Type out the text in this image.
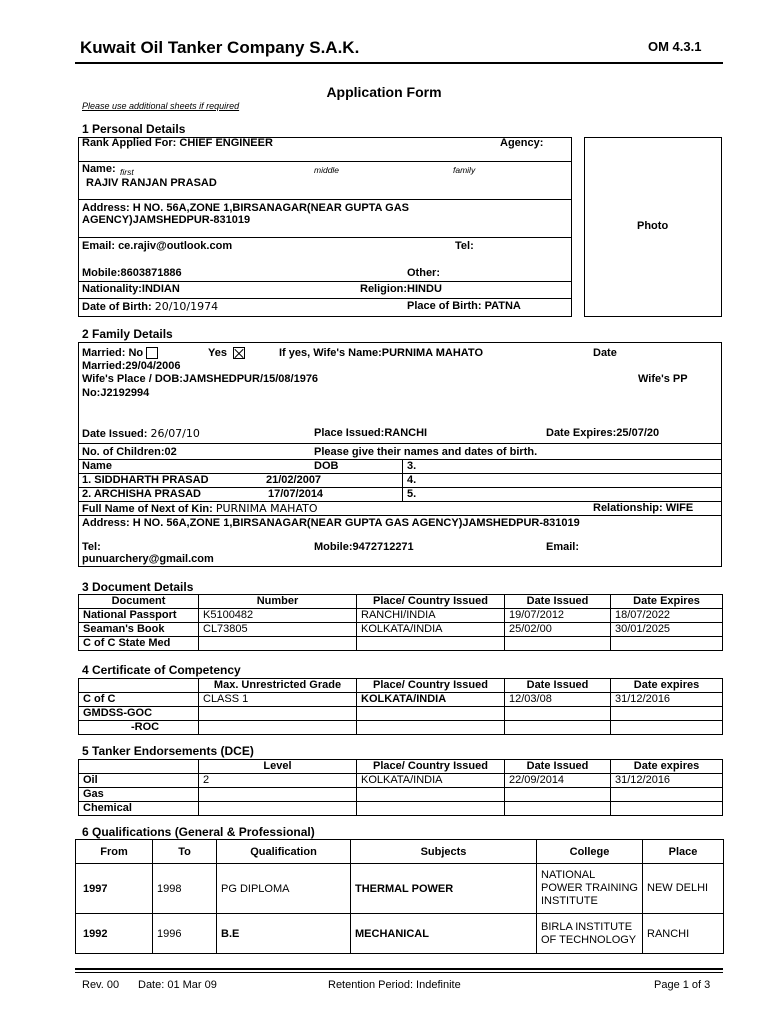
Kuwait Oil Tanker Company S.A.K.	OM 4.3.1
Application Form
Please use additional sheets if required
1 Personal Details
Photo
Rank Applied For: CHIEF ENGINEER	Agency:
Name: first	middle	family
RAJIV RANJAN PRASAD
Address: H NO. 56A,ZONE 1,BIRSANAGAR(NEAR GUPTA GAS
AGENCY)JAMSHEDPUR-831019
Email: ce.rajiv@outlook.com	Tel:
Mobile:8603871886	Other:
Nationality:INDIAN	Religion:HINDU
Date of Birth: 20/10/1974	Place of Birth: PATNA
2 Family Details
Married: No	Yes	If yes, Wife's Name:PURNIMA MAHATO	Date
Married:29/04/2006
Wife's Place / DOB:JAMSHEDPUR/15/08/1976	Wife's PP
No:J2192994
Date Issued: 26/07/10	Place Issued:RANCHI	Date Expires:25/07/20
No. of Children:02	Please give their names and dates of birth.
Name	DOB	3.
1. SIDDHARTH PRASAD	21/02/2007	4.
2. ARCHISHA PRASAD	17/07/2014	5.
Full Name of Next of Kin: PURNIMA MAHATO	Relationship: WIFE
Address: H NO. 56A,ZONE 1,BIRSANAGAR(NEAR GUPTA GAS AGENCY)JAMSHEDPUR-831019
Tel:	Mobile:9472712271	Email:
punuarchery@gmail.com
3 Document Details
Document	Number	Place/ Country Issued	Date Issued	Date Expires
National Passport	K5100482	RANCHI/INDIA	19/07/2012	18/07/2022
Seaman's Book	CL73805	KOLKATA/INDIA	25/02/00	30/01/2025
C of C State Med				
4 Certificate of Competency
	Max. Unrestricted Grade	Place/ Country Issued	Date Issued	Date expires
C of C	CLASS 1	KOLKATA/INDIA	12/03/08	31/12/2016
GMDSS-GOC				
-ROC				
5 Tanker Endorsements (DCE)
	Level	Place/ Country Issued	Date Issued	Date expires
Oil	2	KOLKATA/INDIA	22/09/2014	31/12/2016
Gas				
Chemical				
6 Qualifications (General & Professional)
From	To	Qualification	Subjects	College	Place
1997	1998	PG DIPLOMA	THERMAL POWER	NATIONAL POWER TRAINING INSTITUTE	NEW DELHI
1992	1996	B.E	MECHANICAL	BIRLA INSTITUTE OF TECHNOLOGY	RANCHI
Rev. 00 Date: 01 Mar 09	Retention Period: Indefinite	Page 1 of 3
